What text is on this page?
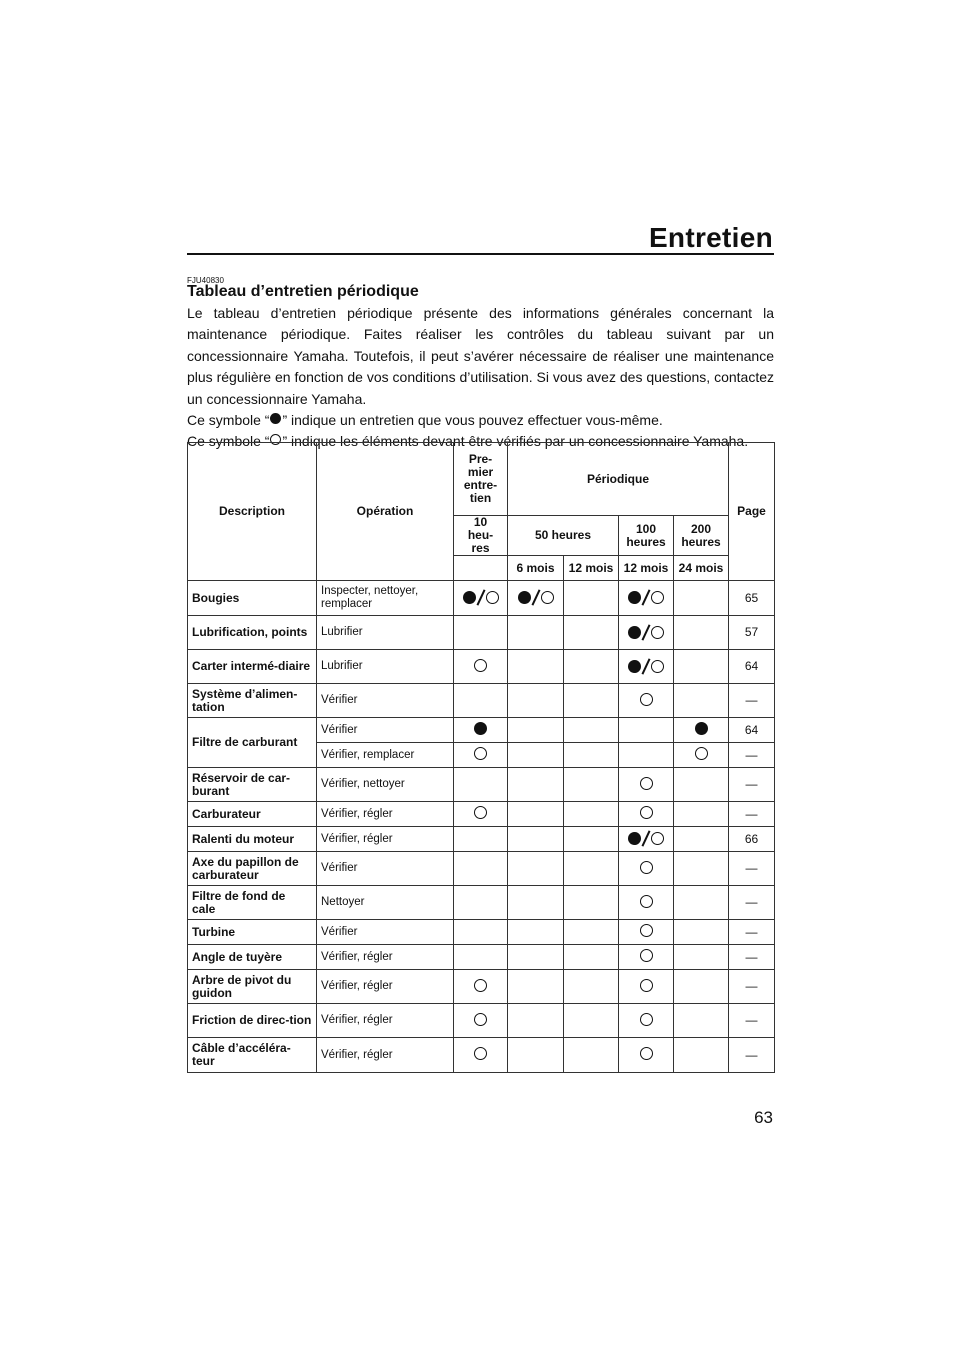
Entretien
FJU40830
Tableau d’entretien périodique

Le tableau d’entretien périodique présente des informations générales concernant la maintenance périodique. Faites réaliser les contrôles du tableau suivant par un concessionnaire Yamaha. Toutefois, il peut s’avérer nécessaire de réaliser une maintenance plus régulière en fonction de vos conditions d’utilisation. Si vous avez des questions, contactez un concessionnaire Yamaha.

Ce symbole “ ” indique un entretien que vous pouvez effectuer vous-même.

Ce symbole “ ” indique les éléments devant être vérifiés par un concessionnaire Yamaha.

Description	Opération	Pre-mier entre-tien	Périodique				Page

		10 heu-res	50 heures		100 heures	200 heures	

			6 mois	12 mois	12 mois	24 mois	
Bougies	Inspecter, nettoyer, remplacer						65
Lubrification, points	Lubrifier						57
Carter intermé-diaire	Lubrifier						64
Système d’alimen-tation	Vérifier						—
Filtre de carburant	Vérifier						64
	Vérifier, remplacer						—
Réservoir de car-burant	Vérifier, nettoyer						—
Carburateur	Vérifier, régler						—
Ralenti du moteur	Vérifier, régler						66
Axe du papillon de carburateur	Vérifier						—
Filtre de fond de cale	Nettoyer						—
Turbine	Vérifier						—
Angle de tuyère	Vérifier, régler						—
Arbre de pivot du guidon	Vérifier, régler						—
Friction de direc-tion	Vérifier, régler						—
Câble d’accéléra-teur	Vérifier, régler						—
63
